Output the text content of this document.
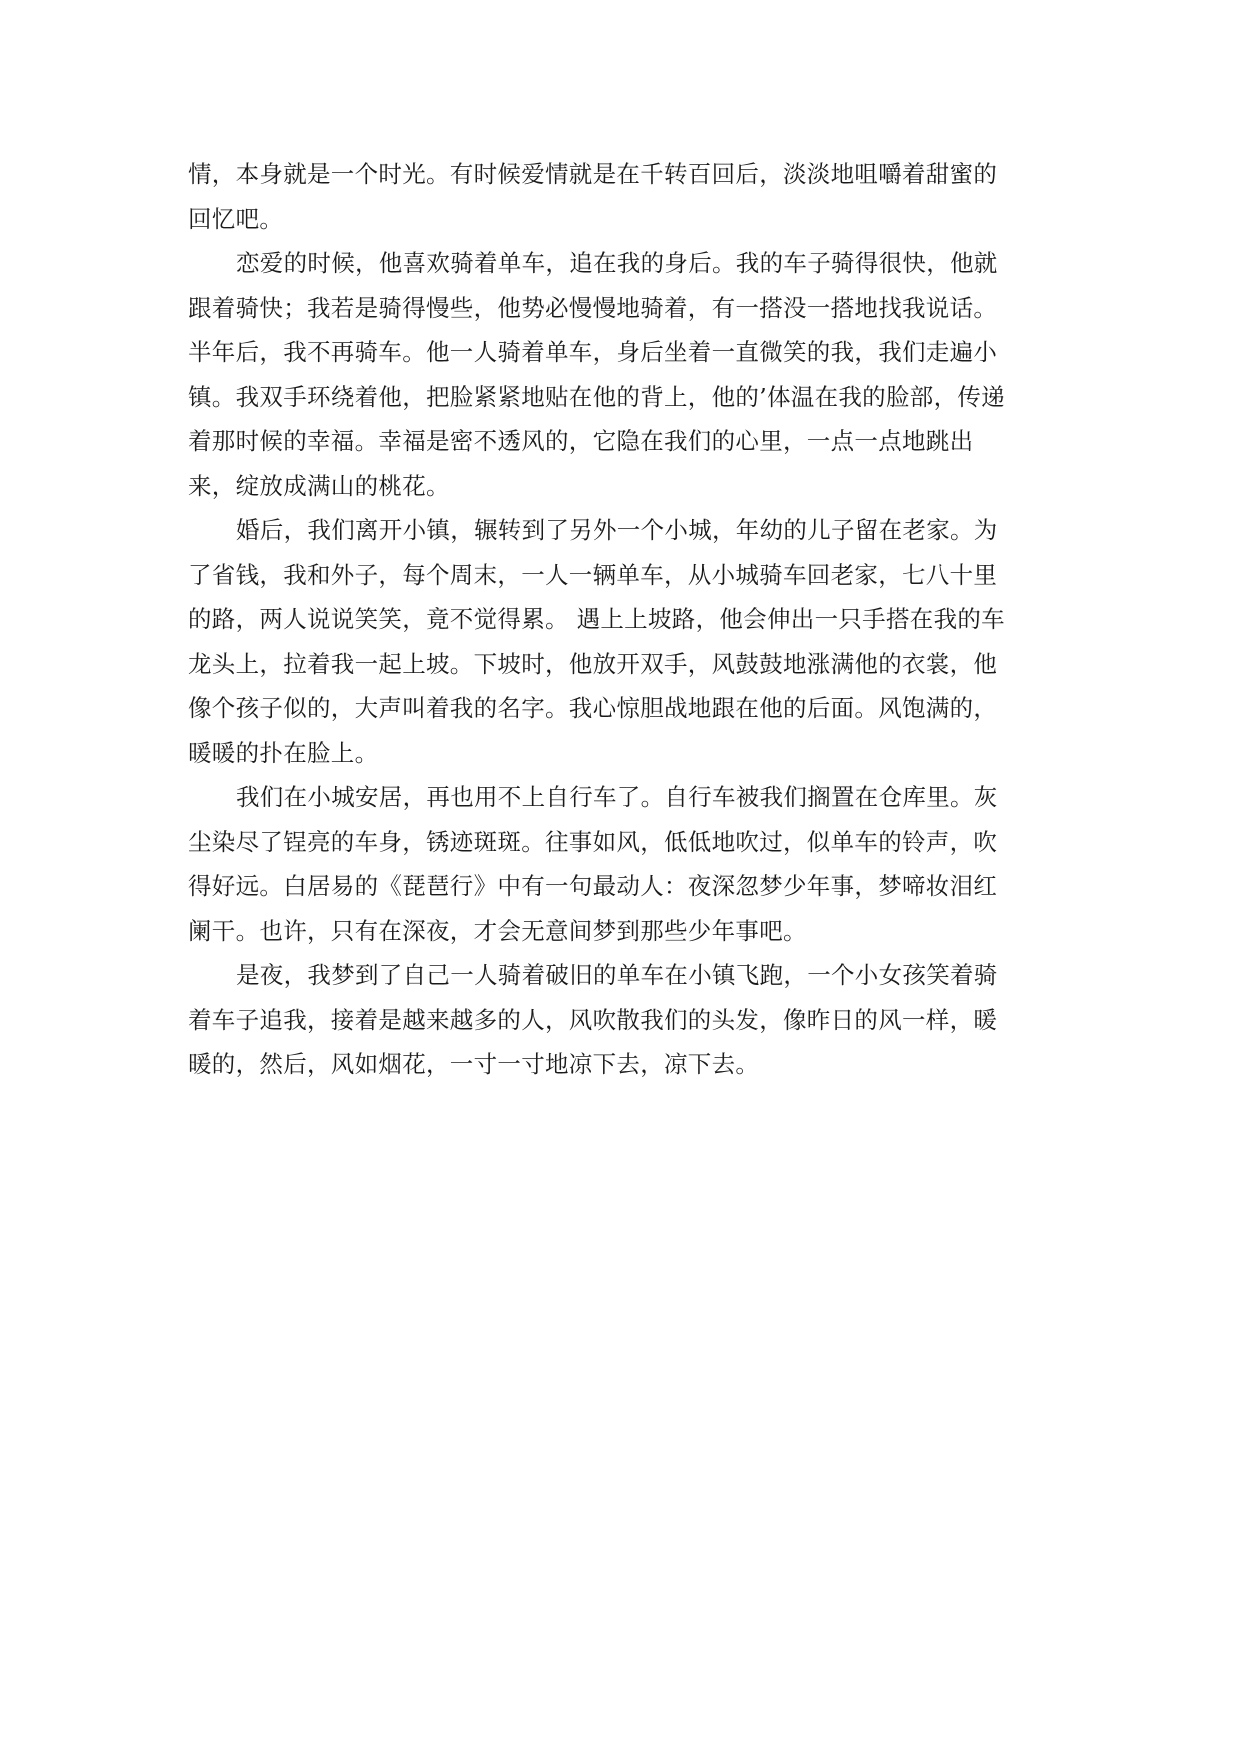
情，本身就是一个时光。有时候爱情就是在千转百回后，淡淡地咀嚼着甜蜜的
回忆吧。
恋爱的时候，他喜欢骑着单车，追在我的身后。我的车子骑得很快，他就
跟着骑快；我若是骑得慢些，他势必慢慢地骑着，有一搭没一搭地找我说话。
半年后，我不再骑车。他一人骑着单车，身后坐着一直微笑的我，我们走遍小
镇。我双手环绕着他，把脸紧紧地贴在他的背上，他的’体温在我的脸部，传递
着那时候的幸福。幸福是密不透风的，它隐在我们的心里，一点一点地跳出
来，绽放成满山的桃花。
婚后，我们离开小镇，辗转到了另外一个小城，年幼的儿子留在老家。为
了省钱，我和外子，每个周末，一人一辆单车，从小城骑车回老家，七八十里
的路，两人说说笑笑，竟不觉得累。 遇上上坡路，他会伸出一只手搭在我的车
龙头上，拉着我一起上坡。下坡时，他放开双手，风鼓鼓地涨满他的衣裳，他
像个孩子似的，大声叫着我的名字。我心惊胆战地跟在他的后面。风饱满的，
暖暖的扑在脸上。
我们在小城安居，再也用不上自行车了。自行车被我们搁置在仓库里。灰
尘染尽了锃亮的车身，锈迹斑斑。往事如风，低低地吹过，似单车的铃声，吹
得好远。白居易的《琵琶行》中有一句最动人：夜深忽梦少年事，梦啼妆泪红
阑干。也许，只有在深夜，才会无意间梦到那些少年事吧。
是夜，我梦到了自己一人骑着破旧的单车在小镇飞跑，一个小女孩笑着骑
着车子追我，接着是越来越多的人，风吹散我们的头发，像昨日的风一样，暖
暖的，然后，风如烟花，一寸一寸地凉下去，凉下去。
